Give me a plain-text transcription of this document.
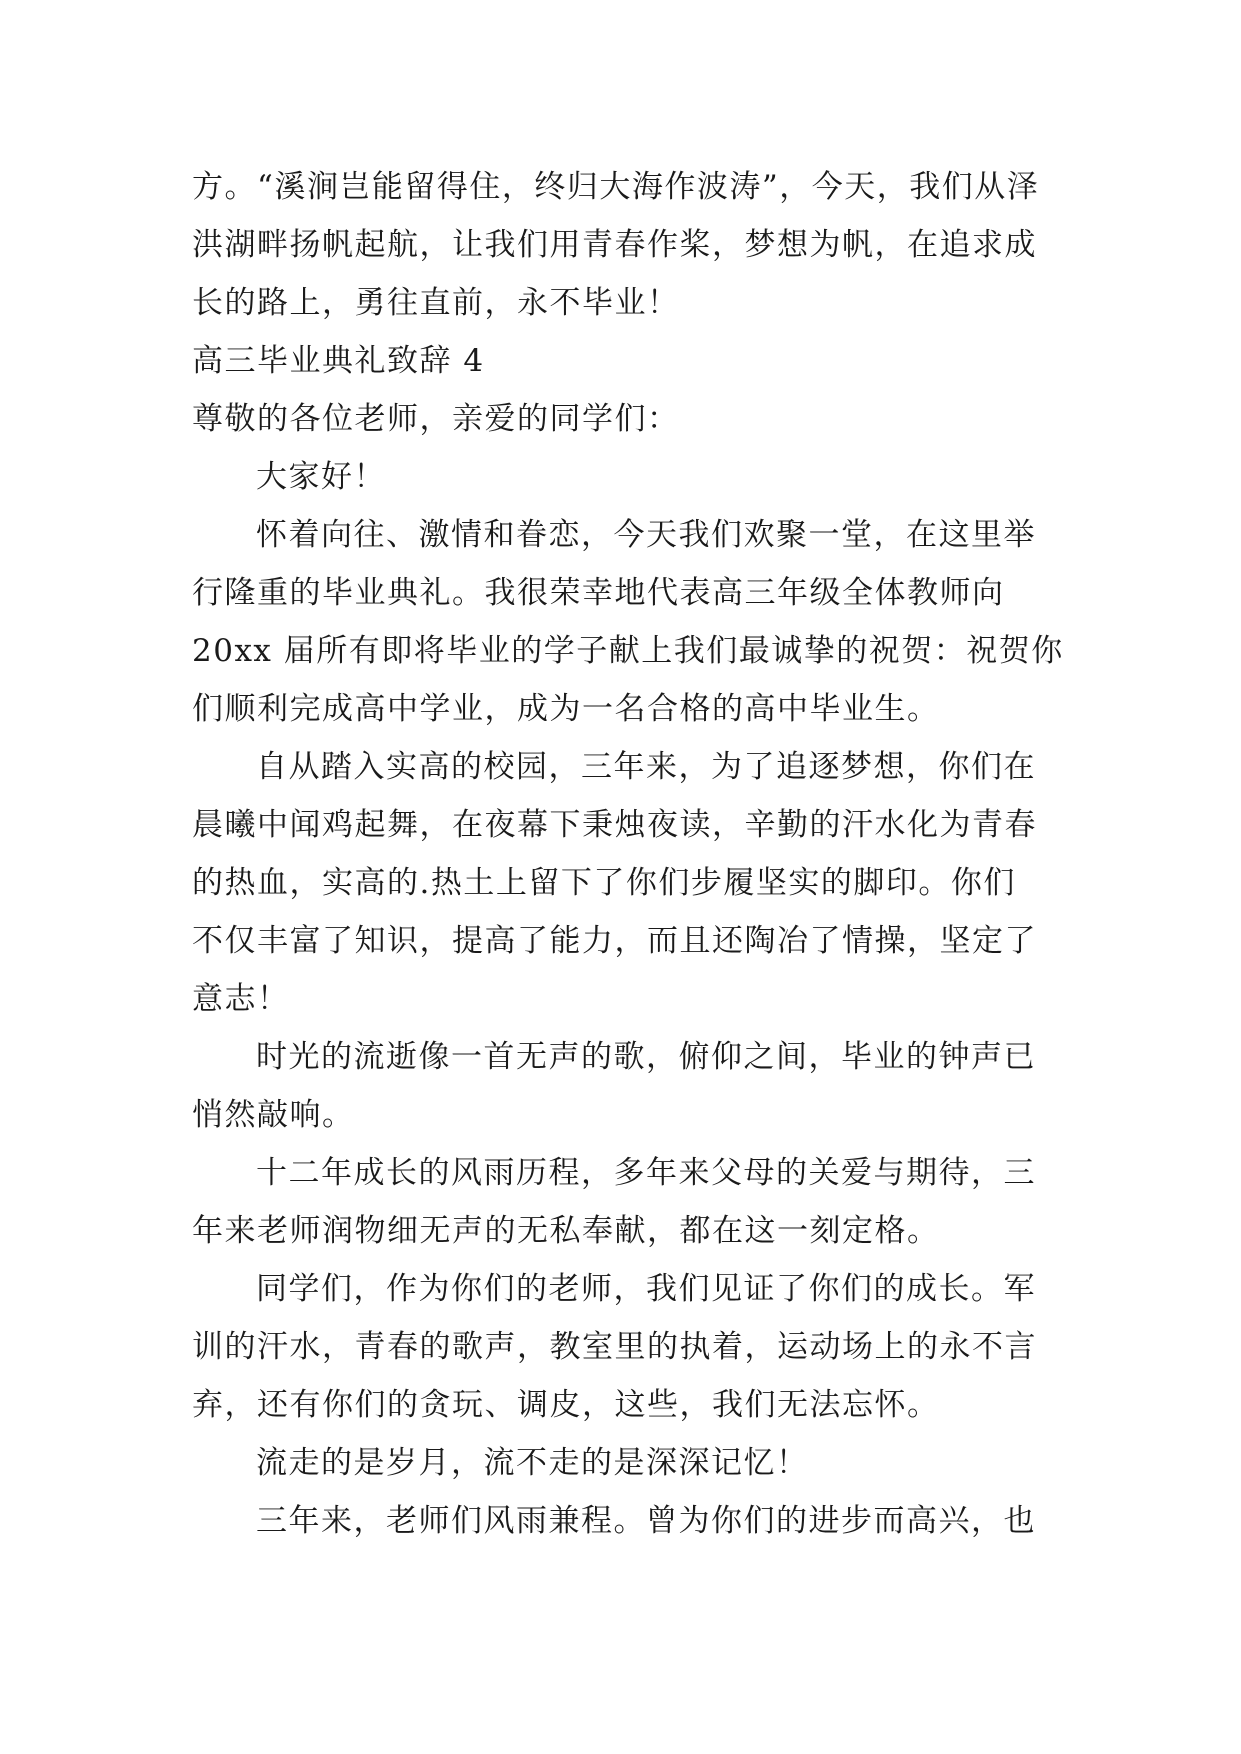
方。“溪涧岂能留得住，终归大海作波涛”，今天，我们从泽
洪湖畔扬帆起航，让我们用青春作桨，梦想为帆，在追求成
长的路上，勇往直前，永不毕业！
高三毕业典礼致辞 4
尊敬的各位老师，亲爱的同学们：
大家好！
怀着向往、激情和眷恋，今天我们欢聚一堂，在这里举
行隆重的毕业典礼。我很荣幸地代表高三年级全体教师向
20xx 届所有即将毕业的学子献上我们最诚挚的祝贺：祝贺你
们顺利完成高中学业，成为一名合格的高中毕业生。
自从踏入实高的校园，三年来，为了追逐梦想，你们在
晨曦中闻鸡起舞，在夜幕下秉烛夜读，辛勤的汗水化为青春
的热血，实高的.热土上留下了你们步履坚实的脚印。你们
不仅丰富了知识，提高了能力，而且还陶冶了情操，坚定了
意志！
时光的流逝像一首无声的歌，俯仰之间，毕业的钟声已
悄然敲响。
十二年成长的风雨历程，多年来父母的关爱与期待，三
年来老师润物细无声的无私奉献，都在这一刻定格。
同学们，作为你们的老师，我们见证了你们的成长。军
训的汗水，青春的歌声，教室里的执着，运动场上的永不言
弃，还有你们的贪玩、调皮，这些，我们无法忘怀。
流走的是岁月，流不走的是深深记忆！
三年来，老师们风雨兼程。曾为你们的进步而高兴，也
